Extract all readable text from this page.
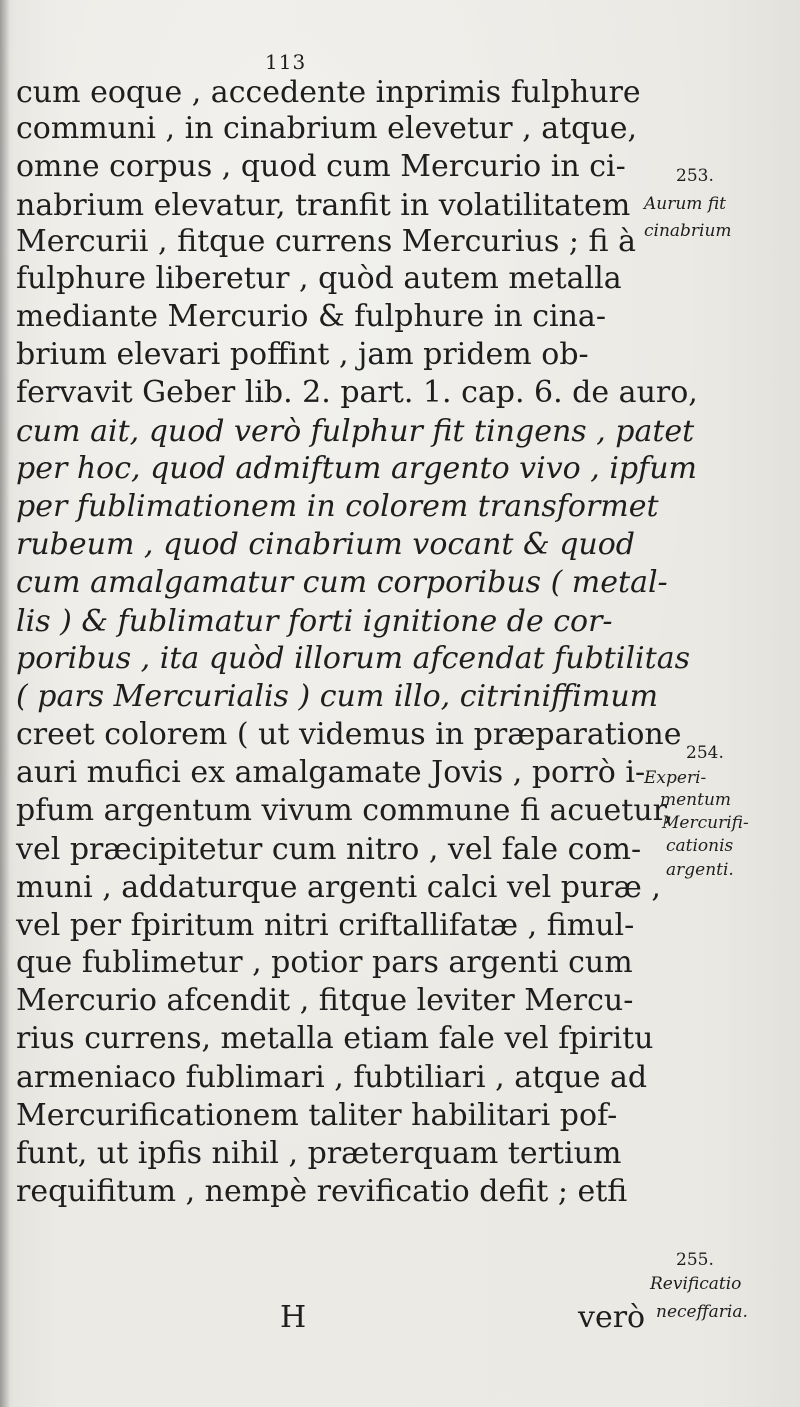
113
cum eoque , accedente inprimis fulphure
communi , in cinabrium elevetur , atque,
omne corpus , quod cum Mercurio in ci-
nabrium elevatur, tranfit in volatilitatem
Mercurii , fitque currens Mercurius ; fi à
fulphure liberetur , quòd autem metalla
mediante Mercurio & fulphure in cina-
brium elevari poffint , jam pridem ob-
fervavit Geber lib. 2. part. 1. cap. 6. de auro,
cum ait, quod verò fulphur fit tingens , patet
per hoc, quod admiftum argento vivo , ipfum
per fublimationem in colorem transformet
rubeum , quod cinabrium vocant & quod
cum amalgamatur cum corporibus ( metal-
lis ) & fublimatur forti ignitione de cor-
poribus , ita quòd illorum afcendat fubtilitas
( pars Mercurialis ) cum illo, citriniffimum
creet colorem ( ut videmus in præparatione
auri mufici ex amalgamate Jovis , porrò i-
pfum argentum vivum commune fi acuetur,
vel præcipitetur cum nitro , vel fale com-
muni , addaturque argenti calci vel puræ ,
vel per fpiritum nitri criftallifatæ , fimul-
que fublimetur , potior pars argenti cum
Mercurio afcendit , fitque leviter Mercu-
rius currens, metalla etiam fale vel fpiritu
armeniaco fublimari , fubtiliari , atque ad
Mercurificationem taliter habilitari pof-
funt, ut ipfis nihil , præterquam tertium
requifitum , nempè revificatio defit ; etfi
253.
Aurum fit
cinabrium
254.
Experi-
mentum
Mercurifi-
cationis
argenti.
255.
Revificatio
neceffaria.
H	verò
